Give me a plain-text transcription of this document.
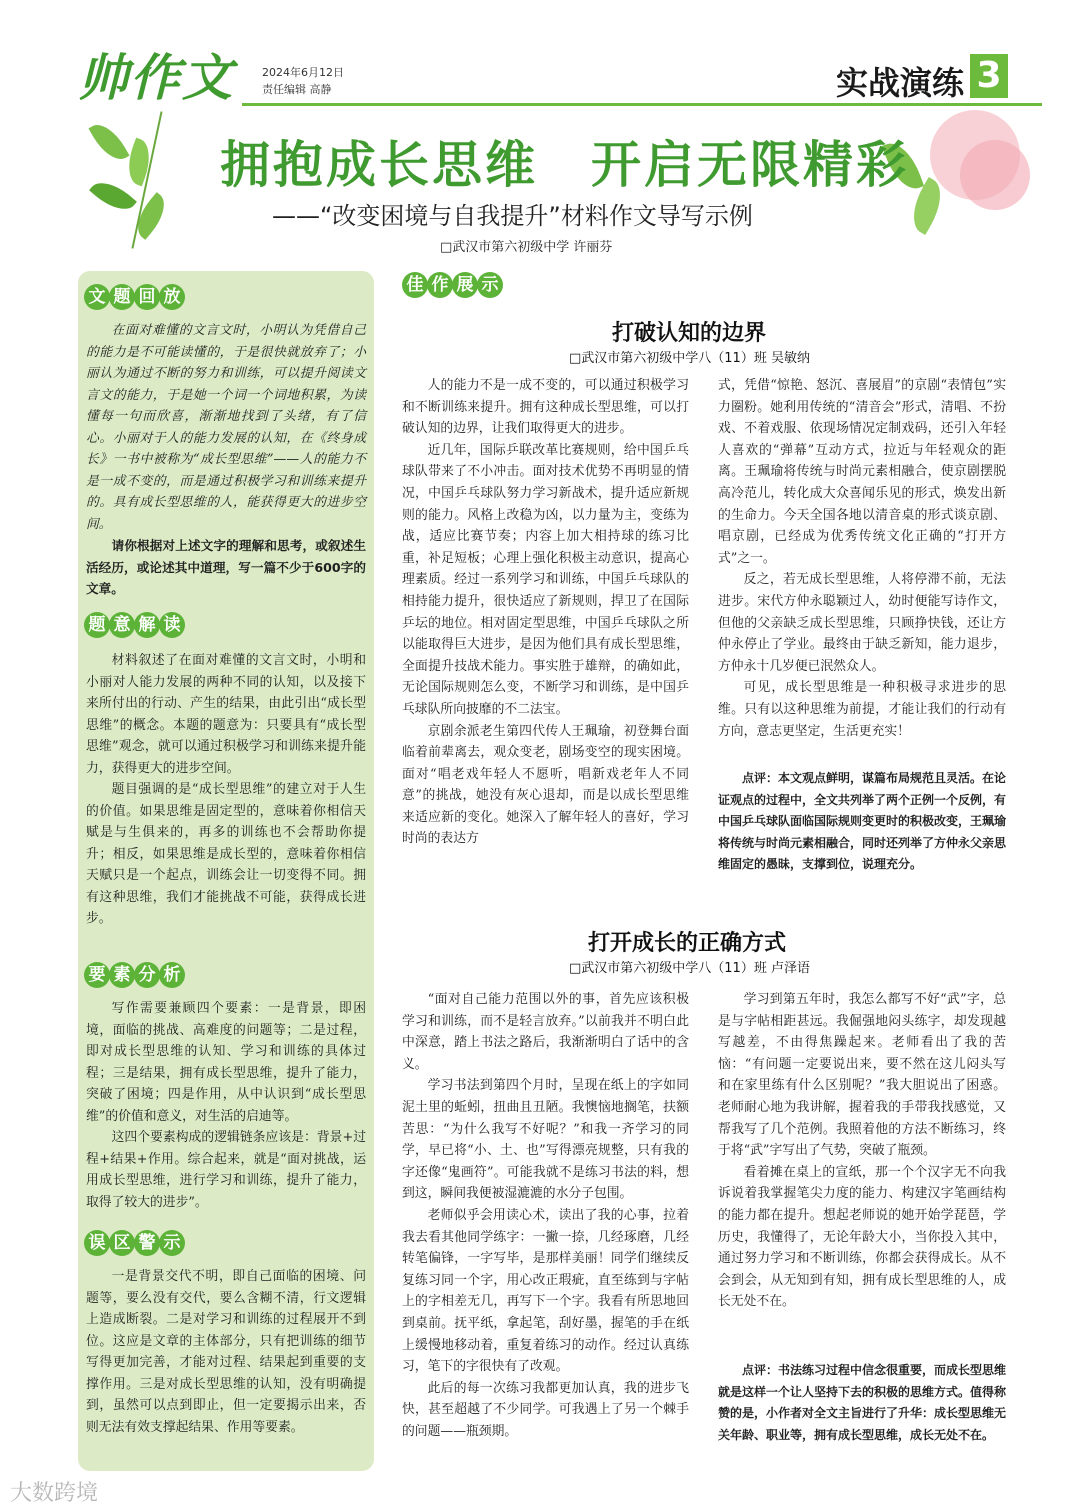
帅作文	2024年6月12日
责任编辑 高静	实战演练 3
拥抱成长思维　开启无限精彩
——“改变困境与自我提升”材料作文导写示例
□武汉市第六初级中学 许丽芬
文 题 回 放

在面对难懂的文言文时，小明认为凭借自己的能力是不可能读懂的，于是很快就放弃了；小丽认为通过不断的努力和训练，可以提升阅读文言文的能力，于是她一个词一个词地积累，为读懂每一句而欣喜，渐渐地找到了头绪，有了信心。小丽对于人的能力发展的认知，在《终身成长》一书中被称为“成长型思维”——人的能力不是一成不变的，而是通过积极学习和训练来提升的。具有成长型思维的人，能获得更大的进步空间。

请你根据对上述文字的理解和思考，或叙述生活经历，或论述其中道理，写一篇不少于600字的文章。

题 意 解 读

材料叙述了在面对难懂的文言文时，小明和小丽对人能力发展的两种不同的认知，以及接下来所付出的行动、产生的结果，由此引出“成长型思维”的概念。本题的题意为：只要具有“成长型思维”观念，就可以通过积极学习和训练来提升能力，获得更大的进步空间。

题目强调的是“成长型思维”的建立对于人生的价值。如果思维是固定型的，意味着你相信天赋是与生俱来的，再多的训练也不会帮助你提升；相反，如果思维是成长型的，意味着你相信天赋只是一个起点，训练会让一切变得不同。拥有这种思维，我们才能挑战不可能，获得成长进步。

要 素 分 析

写作需要兼顾四个要素：一是背景，即困境，面临的挑战、高难度的问题等；二是过程，即对成长型思维的认知、学习和训练的具体过程；三是结果，拥有成长型思维，提升了能力，突破了困境；四是作用，从中认识到“成长型思维”的价值和意义，对生活的启迪等。

这四个要素构成的逻辑链条应该是：背景+过程+结果+作用。综合起来，就是“面对挑战，运用成长型思维，进行学习和训练，提升了能力，取得了较大的进步”。

误 区 警 示

一是背景交代不明，即自己面临的困境、问题等，要么没有交代，要么含糊不清，行文逻辑上造成断裂。二是对学习和训练的过程展开不到位。这应是文章的主体部分，只有把训练的细节写得更加完善，才能对过程、结果起到重要的支撑作用。三是对成长型思维的认知，没有明确提到，虽然可以点到即止，但一定要揭示出来，否则无法有效支撑起结果、作用等要素。

佳 作 展 示
打破认知的边界
□武汉市第六初级中学八（11）班 吴敏纳

人的能力不是一成不变的，可以通过积极学习和不断训练来提升。拥有这种成长型思维，可以打破认知的边界，让我们取得更大的进步。

近几年，国际乒联改革比赛规则，给中国乒乓球队带来了不小冲击。面对技术优势不再明显的情况，中国乒乓球队努力学习新战术，提升适应新规则的能力。风格上改稳为凶，以力量为主，变练为战，适应比赛节奏；内容上加大相持球的练习比重，补足短板；心理上强化积极主动意识，提高心理素质。经过一系列学习和训练，中国乒乓球队的相持能力提升，很快适应了新规则，捍卫了在国际乒坛的地位。相对固定型思维，中国乒乓球队之所以能取得巨大进步，是因为他们具有成长型思维，全面提升技战术能力。事实胜于雄辩，的确如此，无论国际规则怎么变，不断学习和训练，是中国乒乓球队所向披靡的不二法宝。

京剧余派老生第四代传人王珮瑜，初登舞台面临着前辈离去，观众变老，剧场变空的现实困境。面对“唱老戏年轻人不愿听，唱新戏老年人不同意”的挑战，她没有灰心退却，而是以成长型思维来适应新的变化。她深入了解年轻人的喜好，学习时尚的表达方

式，凭借“惊艳、怒沉、喜展眉”的京剧“表情包”实力圈粉。她利用传统的“清音会”形式，清唱、不扮戏、不着戏服、依现场情况定制戏码，还引入年轻人喜欢的“弹幕”互动方式，拉近与年轻观众的距离。王珮瑜将传统与时尚元素相融合，使京剧摆脱高冷范儿，转化成大众喜闻乐见的形式，焕发出新的生命力。今天全国各地以清音桌的形式谈京剧、唱京剧，已经成为优秀传统文化正确的“打开方式”之一。

反之，若无成长型思维，人将停滞不前，无法进步。宋代方仲永聪颖过人，幼时便能写诗作文，但他的父亲缺乏成长型思维，只顾挣快钱，还让方仲永停止了学业。最终由于缺乏新知，能力退步，方仲永十几岁便已泯然众人。

可见，成长型思维是一种积极寻求进步的思维。只有以这种思维为前提，才能让我们的行动有方向，意志更坚定，生活更充实！

点评：本文观点鲜明，谋篇布局规范且灵活。在论证观点的过程中，全文共列举了两个正例一个反例，有中国乒乓球队面临国际规则变更时的积极改变，王珮瑜将传统与时尚元素相融合，同时还列举了方仲永父亲思维固定的愚昧，支撑到位，说理充分。

打开成长的正确方式
□武汉市第六初级中学八（11）班 卢泽语

“面对自己能力范围以外的事，首先应该积极学习和训练，而不是轻言放弃。”以前我并不明白此中深意，踏上书法之路后，我渐渐明白了话中的含义。

学习书法到第四个月时，呈现在纸上的字如同泥土里的蚯蚓，扭曲且丑陋。我懊恼地搁笔，扶额苦思：“为什么我写不好呢？”和我一齐学习的同学，早已将“小、土、也”写得漂亮规整，只有我的字还像“鬼画符”。可能我就不是练习书法的料，想到这，瞬间我便被湿漉漉的水分子包围。

老师似乎会用读心术，读出了我的心事，拉着我去看其他同学练字：一撇一捺，几经琢磨，几经转笔偏锋，一字写毕，是那样美丽！同学们继续反复练习同一个字，用心改正瑕疵，直至练到与字帖上的字相差无几，再写下一个字。我看有所思地回到桌前。抚平纸，拿起笔，刮好墨，握笔的手在纸上缓慢地移动着，重复着练习的动作。经过认真练习，笔下的字很快有了改观。

此后的每一次练习我都更加认真，我的进步飞快，甚至超越了不少同学。可我遇上了另一个棘手的问题——瓶颈期。

学习到第五年时，我怎么都写不好“武”字，总是与字帖相距甚远。我倔强地闷头练字，却发现越写越差，不由得焦躁起来。老师看出了我的苦恼：“有问题一定要说出来，要不然在这儿闷头写和在家里练有什么区别呢？”我大胆说出了困惑。老师耐心地为我讲解，握着我的手带我找感觉，又帮我写了几个范例。我照着他的方法不断练习，终于将“武”字写出了气势，突破了瓶颈。

看着摊在桌上的宣纸，那一个个汉字无不向我诉说着我掌握笔尖力度的能力、构建汉字笔画结构的能力都在提升。想起老师说的她开始学琵琶，学历史，我懂得了，无论年龄大小，当你投入其中，通过努力学习和不断训练，你都会获得成长。从不会到会，从无知到有知，拥有成长型思维的人，成长无处不在。

点评：书法练习过程中信念很重要，而成长型思维就是这样一个让人坚持下去的积极的思维方式。值得称赞的是，小作者对全文主旨进行了升华：成长型思维无关年龄、职业等，拥有成长型思维，成长无处不在。

大数跨境
